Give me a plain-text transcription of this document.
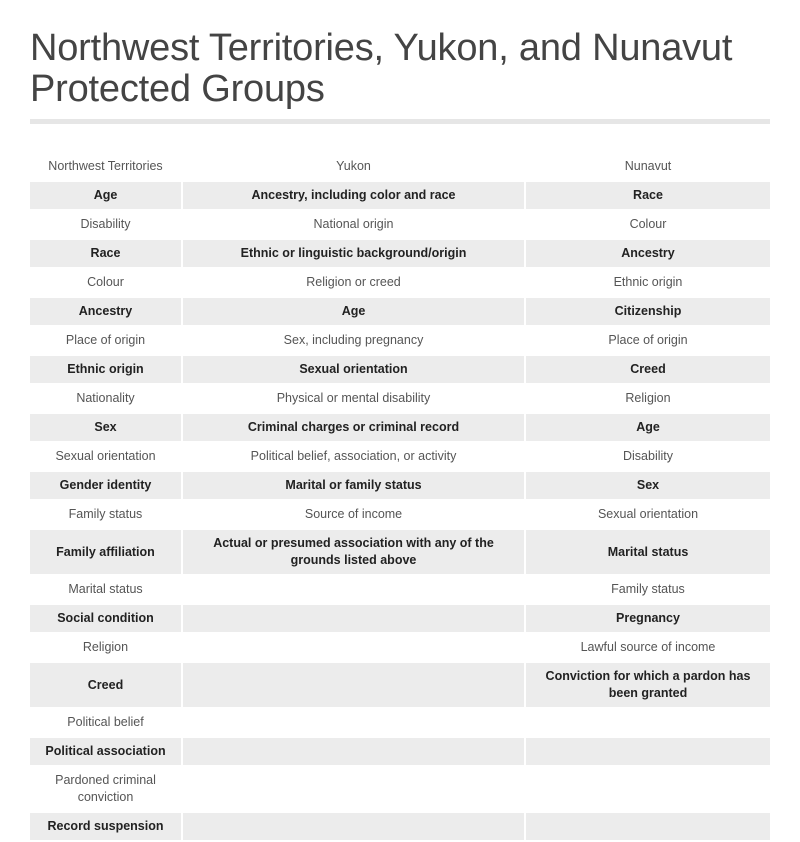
Northwest Territories, Yukon, and Nunavut Protected Groups
Northwest Territories	Yukon	Nunavut
Age	Ancestry, including color and race	Race
Disability	National origin	Colour
Race	Ethnic or linguistic background/origin	Ancestry
Colour	Religion or creed	Ethnic origin
Ancestry	Age	Citizenship
Place of origin	Sex, including pregnancy	Place of origin
Ethnic origin	Sexual orientation	Creed
Nationality	Physical or mental disability	Religion
Sex	Criminal charges or criminal record	Age
Sexual orientation	Political belief, association, or activity	Disability
Gender identity	Marital or family status	Sex
Family status	Source of income	Sexual orientation
Family affiliation	Actual or presumed association with any of the grounds listed above	Marital status
Marital status		Family status
Social condition		Pregnancy
Religion		Lawful source of income
Creed		Conviction for which a pardon has been granted
Political belief		
Political association		
Pardoned criminal conviction		
Record suspension		
